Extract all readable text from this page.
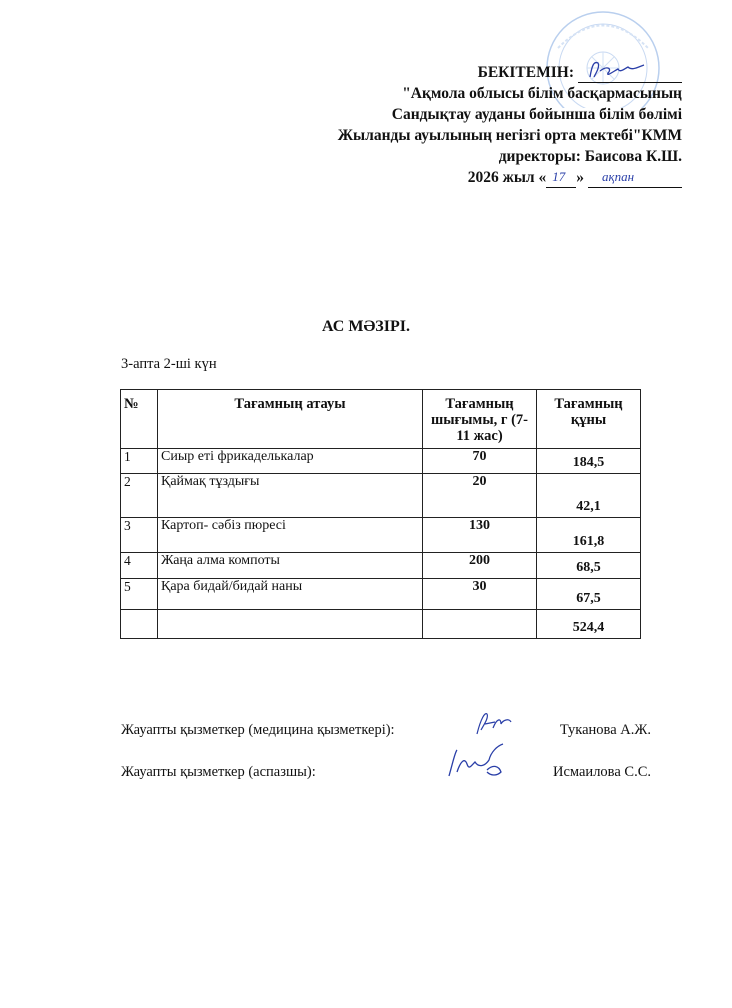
БЕКІТЕМІН:
"Ақмола облысы білім басқармасының
Сандықтау ауданы бойынша білім бөлімі
Жыланды ауылының негізгі орта мектебі"КММ
директоры: Баисова К.Ш.
2026 жыл « 17 » ақпан
АС МӘЗІРІ.
3-апта 2-ші күн
№	Тағамның атауы	Тағамның шығымы, г (7-11 жас)	Тағамның құны
1	Сиыр еті фрикаделькалар	70	184,5
2	Қаймақ тұздығы	20	42,1
3	Картоп- сәбіз пюресі	130	161,8
4	Жаңа алма компоты	200	68,5
5	Қара бидай/бидай наны	30	67,5
			524,4
Жауапты қызметкер (медицина қызметкері):	Туканова А.Ж.
Жауапты қызметкер (аспазшы):	Исмаилова С.С.
